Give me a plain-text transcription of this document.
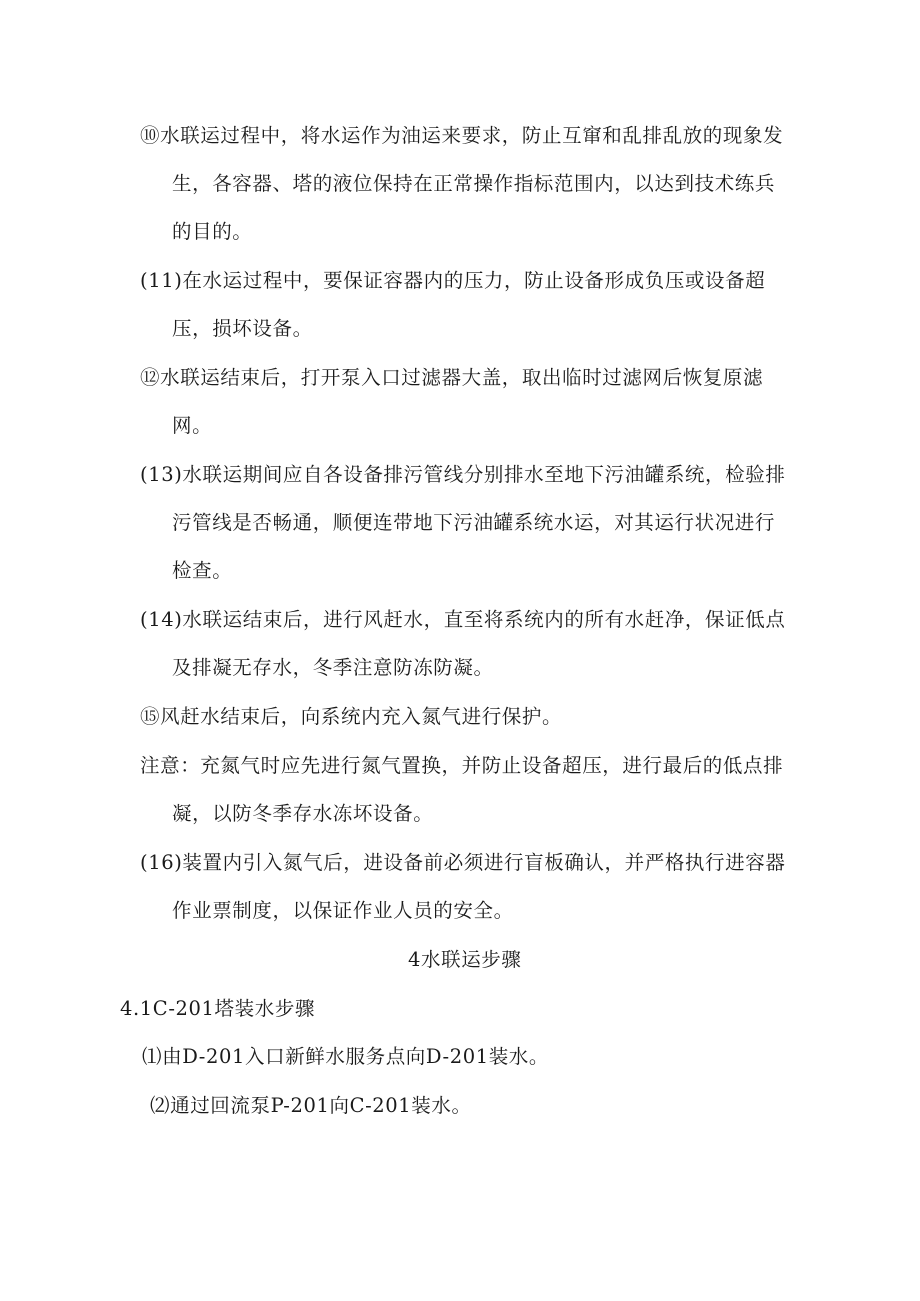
⑩水联运过程中，将水运作为油运来要求，防止互窜和乱排乱放的现象发
生，各容器、塔的液位保持在正常操作指标范围内，以达到技术练兵
的目的。
(11)在水运过程中，要保证容器内的压力，防止设备形成负压或设备超
压，损坏设备。
⑫水联运结束后，打开泵入口过滤器大盖，取出临时过滤网后恢复原滤
网。
(13)水联运期间应自各设备排污管线分别排水至地下污油罐系统，检验排
污管线是否畅通，顺便连带地下污油罐系统水运，对其运行状况进行
检查。
(14)水联运结束后，进行风赶水，直至将系统内的所有水赶净，保证低点
及排凝无存水，冬季注意防冻防凝。
⑮风赶水结束后，向系统内充入氮气进行保护。
注意：充氮气时应先进行氮气置换，并防止设备超压，进行最后的低点排
凝，以防冬季存水冻坏设备。
(16)装置内引入氮气后，进设备前必须进行盲板确认，并严格执行进容器
作业票制度，以保证作业人员的安全。
4水联运步骤
4.1C-201塔装水步骤
⑴由D-201入口新鲜水服务点向D-201装水。
⑵通过回流泵P-201向C-201装水。
